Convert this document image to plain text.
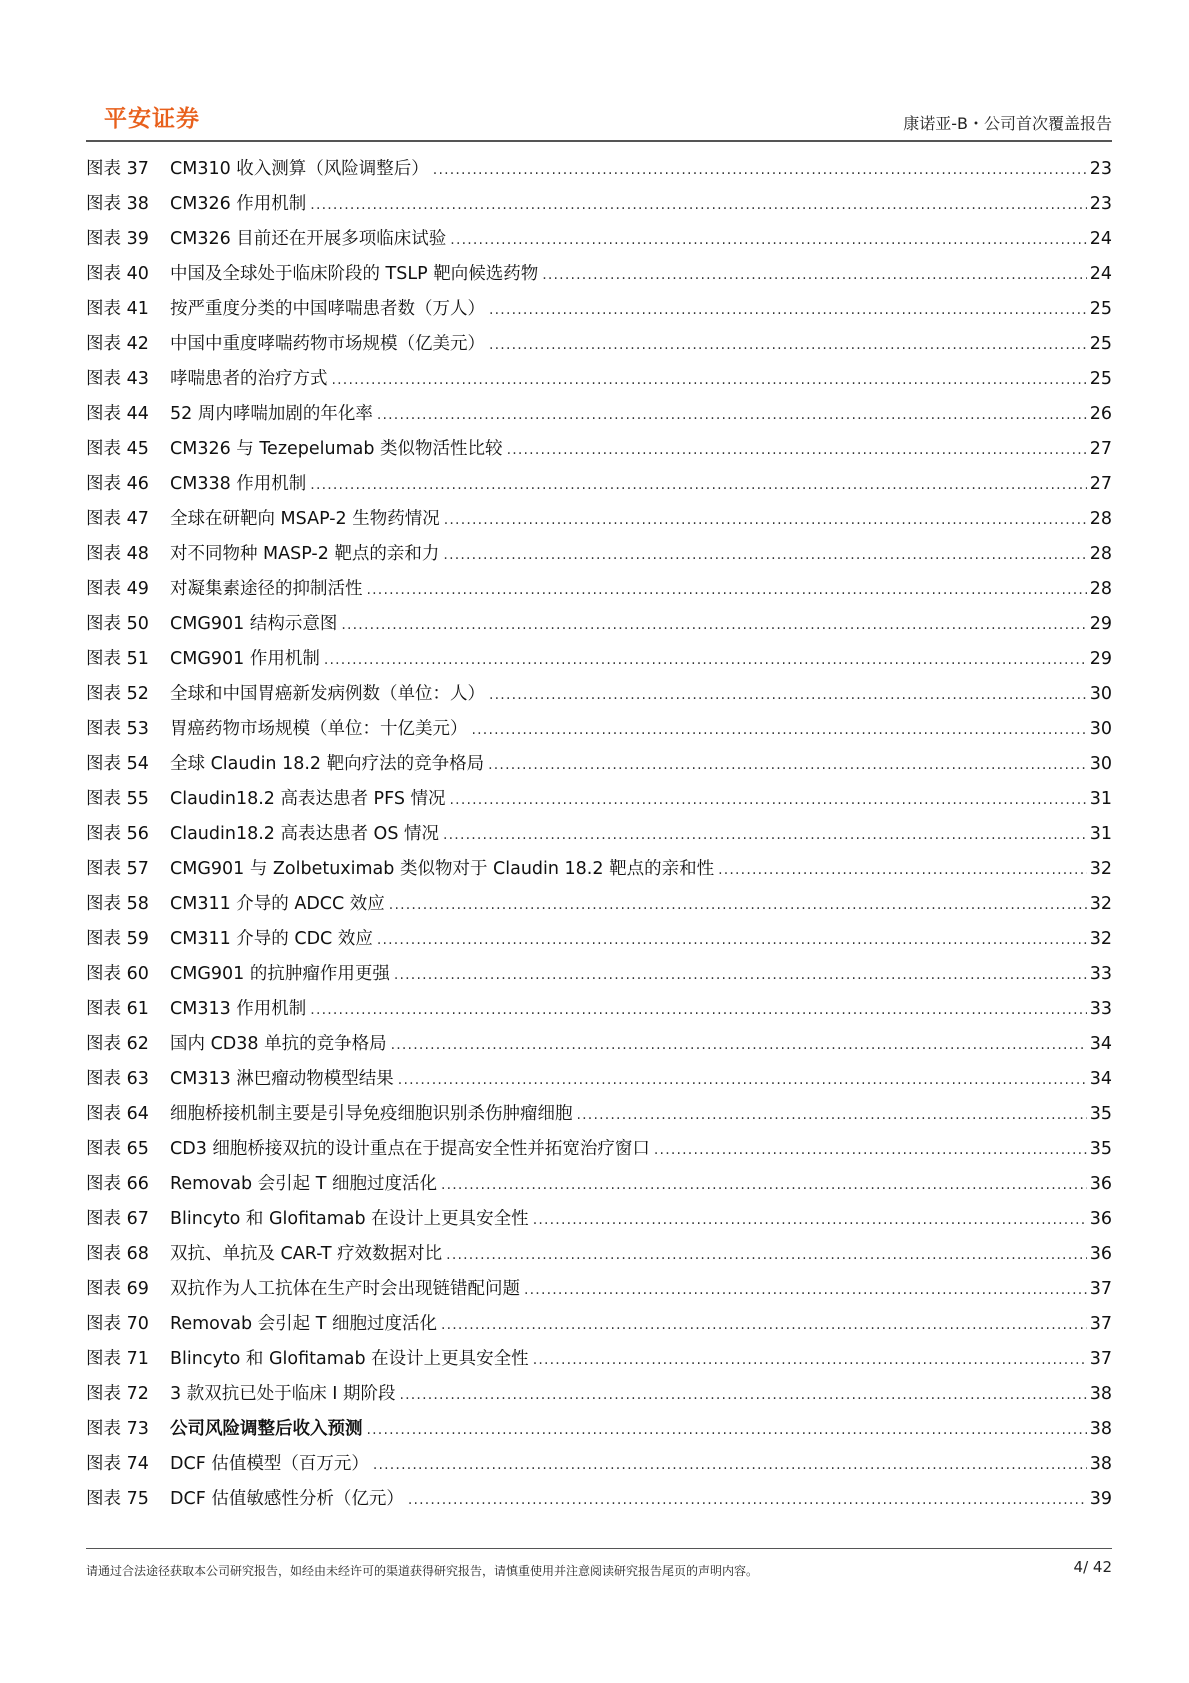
平安证券	康诺亚-B・公司首次覆盖报告
图表 37	CM310 收入测算（风险调整后） .....	23
图表 38	CM326 作用机制 .....	23
图表 39	CM326 目前还在开展多项临床试验 .....	24
图表 40	中国及全球处于临床阶段的 TSLP 靶向候选药物 .....	24
图表 41	按严重度分类的中国哮喘患者数（万人） .....	25
图表 42	中国中重度哮喘药物市场规模（亿美元） .....	25
图表 43	哮喘患者的治疗方式 .....	25
图表 44	52 周内哮喘加剧的年化率 .....	26
图表 45	CM326 与 Tezepelumab 类似物活性比较 .....	27
图表 46	CM338 作用机制 .....	27
图表 47	全球在研靶向 MSAP-2 生物药情况 .....	28
图表 48	对不同物种 MASP-2 靶点的亲和力 .....	28
图表 49	对凝集素途径的抑制活性 .....	28
图表 50	CMG901 结构示意图 .....	29
图表 51	CMG901 作用机制 .....	29
图表 52	全球和中国胃癌新发病例数（单位：人） .....	30
图表 53	胃癌药物市场规模（单位：十亿美元） .....	30
图表 54	全球 Claudin 18.2 靶向疗法的竞争格局 .....	30
图表 55	Claudin18.2 高表达患者 PFS 情况 .....	31
图表 56	Claudin18.2 高表达患者 OS 情况 .....	31
图表 57	CMG901 与 Zolbetuximab 类似物对于 Claudin 18.2 靶点的亲和性 .....	32
图表 58	CM311 介导的 ADCC 效应 .....	32
图表 59	CM311 介导的 CDC 效应 .....	32
图表 60	CMG901 的抗肿瘤作用更强 .....	33
图表 61	CM313 作用机制 .....	33
图表 62	国内 CD38 单抗的竞争格局 .....	34
图表 63	CM313 淋巴瘤动物模型结果 .....	34
图表 64	细胞桥接机制主要是引导免疫细胞识别杀伤肿瘤细胞 .....	35
图表 65	CD3 细胞桥接双抗的设计重点在于提高安全性并拓宽治疗窗口 .....	35
图表 66	Removab 会引起 T 细胞过度活化 .....	36
图表 67	Blincyto 和 Glofitamab 在设计上更具安全性 .....	36
图表 68	双抗、单抗及 CAR-T 疗效数据对比 .....	36
图表 69	双抗作为人工抗体在生产时会出现链错配问题 .....	37
图表 70	Removab 会引起 T 细胞过度活化 .....	37
图表 71	Blincyto 和 Glofitamab 在设计上更具安全性 .....	37
图表 72	3 款双抗已处于临床 I 期阶段 .....	38
图表 73	公司风险调整后收入预测 .....	38
图表 74	DCF 估值模型（百万元） .....	38
图表 75	DCF 估值敏感性分析（亿元） .....	39
请通过合法途径获取本公司研究报告，如经由未经许可的渠道获得研究报告，请慎重使用并注意阅读研究报告尾页的声明内容。	4/ 42
